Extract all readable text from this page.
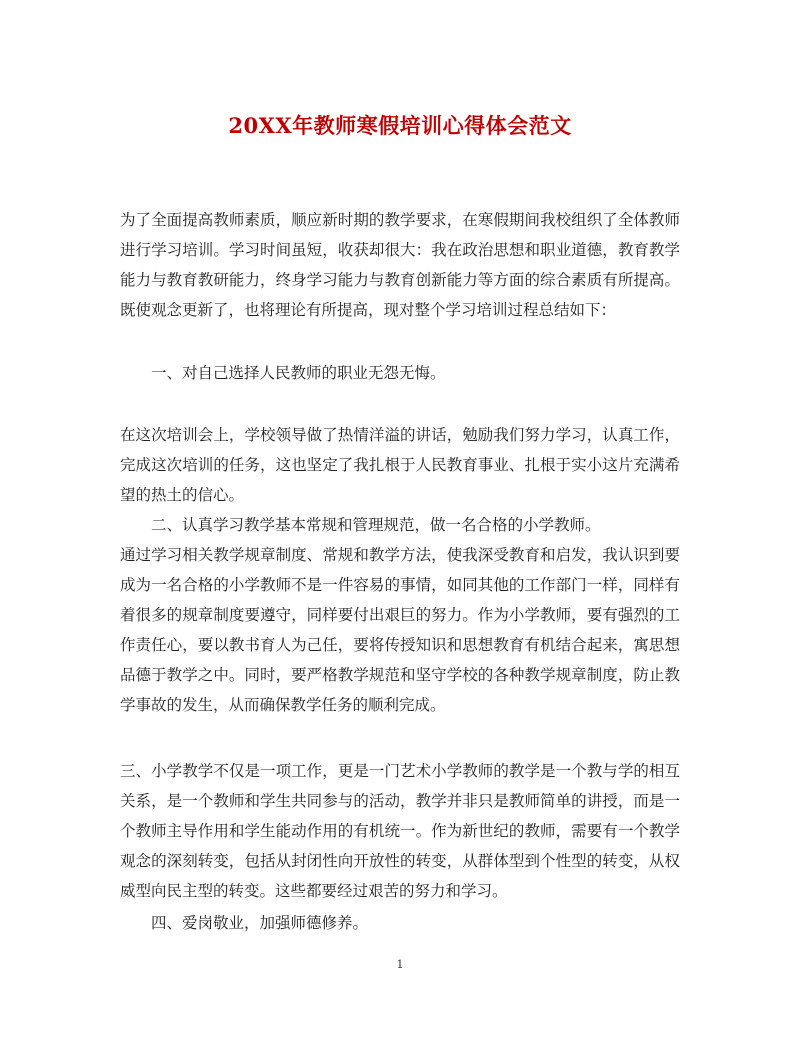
20XX年教师寒假培训心得体会范文

为了全面提高教师素质，顺应新时期的教学要求，在寒假期间我校组织了全体教师进行学习培训。学习时间虽短，收获却很大：我在政治思想和职业道德，教育教学能力与教育教研能力，终身学习能力与教育创新能力等方面的综合素质有所提高。既使观念更新了，也将理论有所提高，现对整个学习培训过程总结如下：

一、对自己选择人民教师的职业无怨无悔。

在这次培训会上，学校领导做了热情洋溢的讲话，勉励我们努力学习，认真工作，完成这次培训的任务，这也坚定了我扎根于人民教育事业、扎根于实小这片充满希望的热土的信心。

二、认真学习教学基本常规和管理规范，做一名合格的小学教师。

通过学习相关教学规章制度、常规和教学方法，使我深受教育和启发，我认识到要成为一名合格的小学教师不是一件容易的事情，如同其他的工作部门一样，同样有着很多的规章制度要遵守，同样要付出艰巨的努力。作为小学教师，要有强烈的工作责任心，要以教书育人为己任，要将传授知识和思想教育有机结合起来，寓思想品德于教学之中。同时，要严格教学规范和坚守学校的各种教学规章制度，防止教学事故的发生，从而确保教学任务的顺利完成。

三、小学教学不仅是一项工作，更是一门艺术小学教师的教学是一个教与学的相互关系，是一个教师和学生共同参与的活动，教学并非只是教师简单的讲授，而是一个教师主导作用和学生能动作用的有机统一。作为新世纪的教师，需要有一个教学观念的深刻转变，包括从封闭性向开放性的转变，从群体型到个性型的转变，从权威型向民主型的转变。这些都要经过艰苦的努力和学习。

四、爱岗敬业，加强师德修养。

1
